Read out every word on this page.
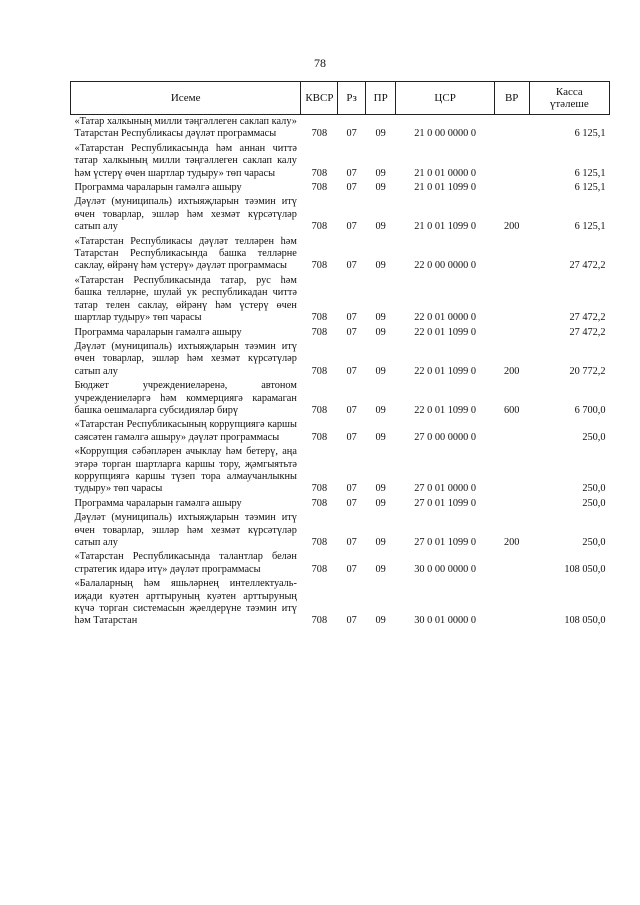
78
Исеме	КВСР	Рз	ПР	ЦСР	ВР	Касса
үтәлеше
«Татар халкының милли тәңгәллеген саклап калу» Татарстан Республикасы дәүләт программасы	708	07	09	21 0 00 0000 0		6 125,1
«Татарстан Республикасында һәм аннан читтә татар халкының милли тәңгәллеген саклап калу һәм үстерү өчен шартлар тудыру» төп чарасы	708	07	09	21 0 01 0000 0		6 125,1
Программа чараларын гамәлгә ашыру	708	07	09	21 0 01 1099 0		6 125,1
Дәүләт (муниципаль) ихтыяҗларын тәэмин итү өчен товарлар, эшләр һәм хезмәт күрсәтүләр сатып алу	708	07	09	21 0 01 1099 0	200	6 125,1
«Татарстан Республикасы дәүләт телләрен һәм Татарстан Республикасында башка телләрне саклау, өйрәнү һәм үстерү» дәүләт программасы	708	07	09	22 0 00 0000 0		27 472,2
«Татарстан Республикасында татар, рус һәм башка телләрне, шулай ук республикадан читтә татар телен саклау, өйрәнү һәм үстерү өчен шартлар тудыру» төп чарасы	708	07	09	22 0 01 0000 0		27 472,2
Программа чараларын гамәлгә ашыру	708	07	09	22 0 01 1099 0		27 472,2
Дәүләт (муниципаль) ихтыяҗларын тәэмин итү өчен товарлар, эшләр һәм хезмәт күрсәтүләр сатып алу	708	07	09	22 0 01 1099 0	200	20 772,2
Бюджет учреждениеләренә, автоном учреждениеләргә һәм коммерциягә карамаган башка оешмаларга субсидияләр бирү	708	07	09	22 0 01 1099 0	600	6 700,0
«Татарстан Республикасының коррупциягә каршы сәясәтен гамәлгә ашыру» дәүләт программасы	708	07	09	27 0 00 0000 0		250,0
«Коррупция сәбәпләрен ачыклау һәм бетерү, аңа этәрә торган шартларга каршы тору, җәмгыятьтә коррупциягә каршы түзеп тора алмаучанлыкны тудыру» төп чарасы	708	07	09	27 0 01 0000 0		250,0
Программа чараларын гамәлгә ашыру	708	07	09	27 0 01 1099 0		250,0
Дәүләт (муниципаль) ихтыяҗларын тәэмин итү өчен товарлар, эшләр һәм хезмәт күрсәтүләр сатып алу	708	07	09	27 0 01 1099 0	200	250,0
«Татарстан Республикасында талантлар белән стратегик идарә итү» дәүләт программасы	708	07	09	30 0 00 0000 0		108 050,0
«Балаларның һәм яшьләрнең интеллектуаль-иҗади куәтен арттыруның куәтен арттыруның күчә торган системасын җәелдерүне тәэмин итү һәм Татарстан	708	07	09	30 0 01 0000 0		108 050,0
